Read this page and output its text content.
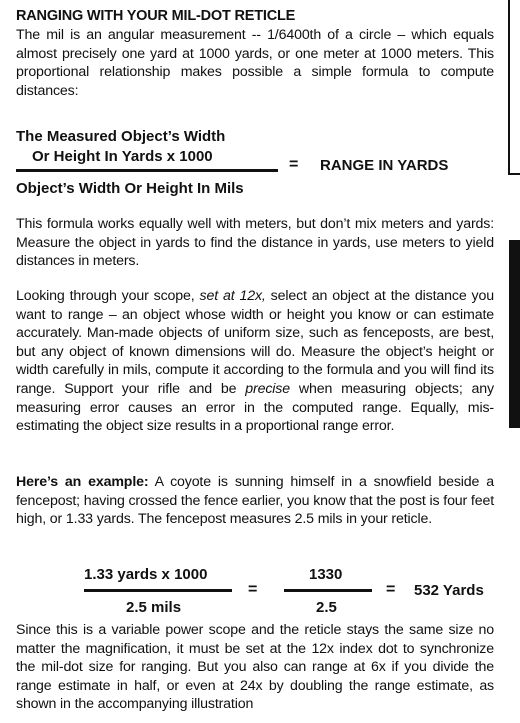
RANGING WITH YOUR MIL-DOT RETICLE
The mil is an angular measurement -- 1/6400th of a circle – which equals almost precisely one yard at 1000 yards, or one meter at 1000 meters. This proportional relationship makes possible a simple formula to compute distances:
The Measured Object’s Width
Or Height In Yards x 1000	= RANGE IN YARDS
Object’s Width Or Height In Mils
This formula works equally well with meters, but don’t mix meters and yards: Measure the object in yards to find the distance in yards, use meters to yield distances in meters.
Looking through your scope, set at 12x, select an object at the distance you want to range – an object whose width or height you know or can estimate accurately. Man-made objects of uniform size, such as fenceposts, are best, but any object of known dimensions will do. Measure the object’s height or width carefully in mils, compute it according to the formula and you will find its range. Support your rifle and be precise when measuring objects; any measuring error causes an error in the computed range. Equally, mis-estimating the object size results in a proportional range error.
Here’s an example: A coyote is sunning himself in a snowfield beside a fencepost; having crossed the fence earlier, you know that the post is four feet high, or 1.33 yards. The fencepost measures 2.5 mils in your reticle.
1.33 yards x 1000
2.5 mils
=
1330
2.5
= 532 Yards
Since this is a variable power scope and the reticle stays the same size no matter the magnification, it must be set at the 12x index dot to synchronize the mil-dot size for ranging. But you also can range at 6x if you divide the range estimate in half, or even at 24x by doubling the range estimate, as shown in the accompanying illustration
